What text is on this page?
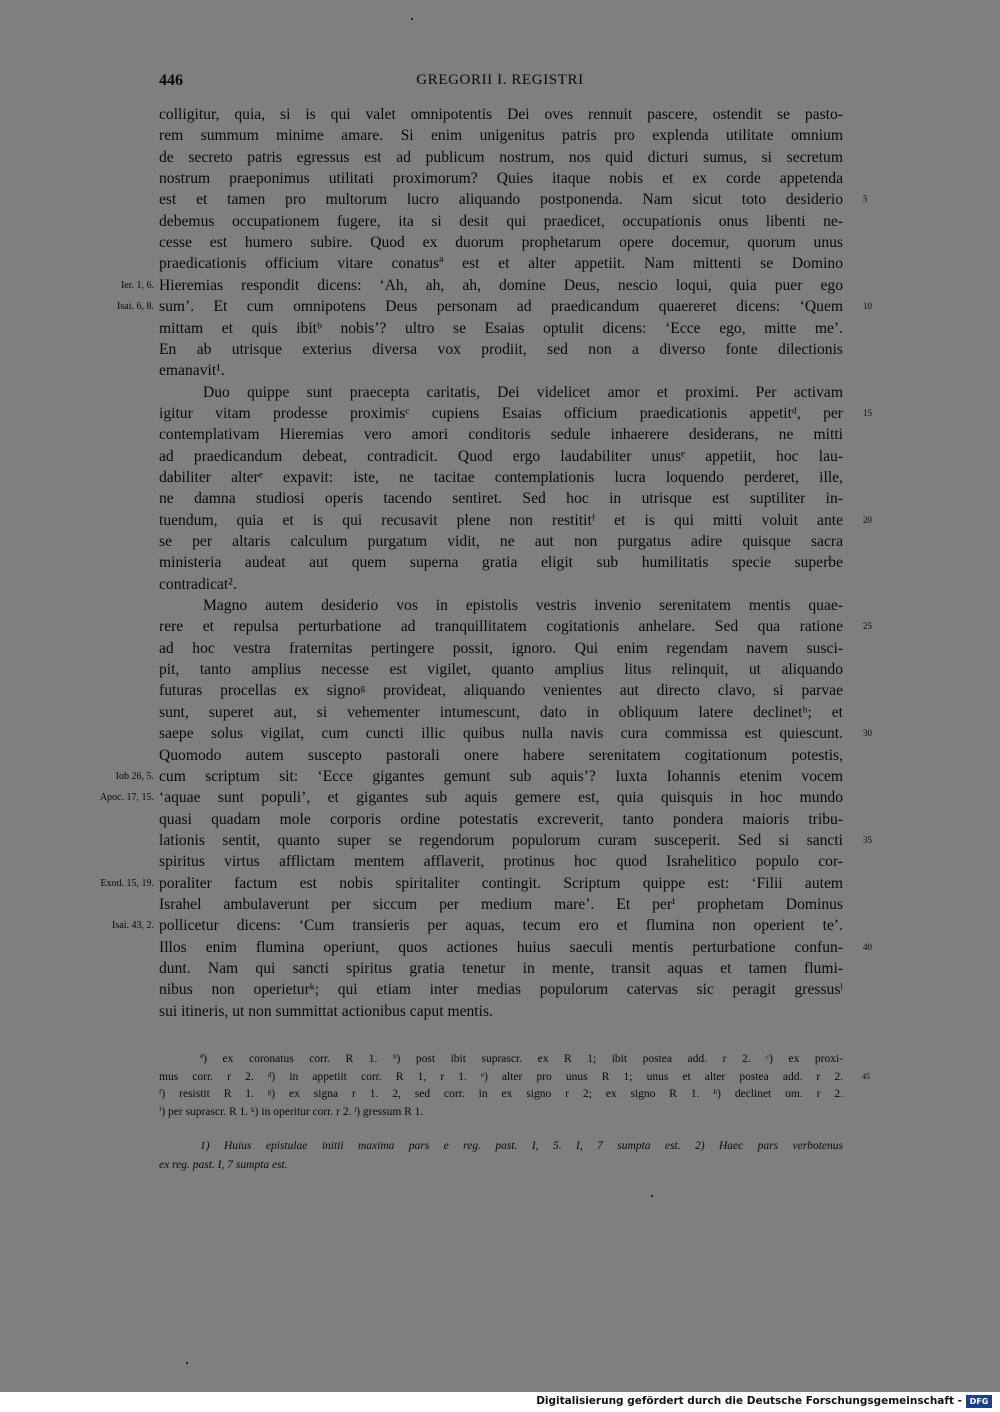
446	GREGORII I. REGISTRI
colligitur, quia, si is qui valet omnipotentis Dei oves rennuit pascere, ostendit se pasto-
rem summum minime amare. Si enim unigenitus patris pro explenda utilitate omnium
de secreto patris egressus est ad publicum nostrum, nos quid dicturi sumus, si secretum
nostrum praeponimus utilitati proximorum? Quies itaque nobis et ex corde appetenda
est et tamen pro multorum lucro aliquando postponenda. Nam sicut toto desiderio
debemus occupationem fugere, ita si desit qui praedicet, occupationis onus libenti ne-
cesse est humero subire. Quod ex duorum prophetarum opere docemur, quorum unus
praedicationis officium vitare conatusª est et alter appetiit. Nam mittenti se Domino
Hieremias respondit dicens: ‘Ah, ah, ah, domine Deus, nescio loqui, quia puer ego
sum’. Et cum omnipotens Deus personam ad praedicandum quaereret dicens: ‘Quem
mittam et quis ibitᵇ nobis’? ultro se Esaias optulit dicens: ‘Ecce ego, mitte me’.
En ab utrisque exterius diversa vox prodiit, sed non a diverso fonte dilectionis
emanavit¹.
Duo quippe sunt praecepta caritatis, Dei videlicet amor et proximi. Per activam
igitur vitam prodesse proximisᶜ cupiens Esaias officium praedicationis appetitᵈ, per
contemplativam Hieremias vero amori conditoris sedule inhaerere desiderans, ne mitti
ad praedicandum debeat, contradicit. Quod ergo laudabiliter unusᵉ appetiit, hoc lau-
dabiliter alterᵉ expavit: iste, ne tacitae contemplationis lucra loquendo perderet, ille,
ne damna studiosi operis tacendo sentiret. Sed hoc in utrisque est suptiliter in-
tuendum, quia et is qui recusavit plene non restititᶠ et is qui mitti voluit ante
se per altaris calculum purgatum vidit, ne aut non purgatus adire quisque sacra
ministeria audeat aut quem superna gratia eligit sub humilitatis specie superbe
contradicat².
Magno autem desiderio vos in epistolis vestris invenio serenitatem mentis quae-
rere et repulsa perturbatione ad tranquillitatem cogitationis anhelare. Sed qua ratione
ad hoc vestra fraternitas pertingere possit, ignoro. Qui enim regendam navem susci-
pit, tanto amplius necesse est vigilet, quanto amplius litus relinquit, ut aliquando
futuras procellas ex signoᵍ provideat, aliquando venientes aut directo clavo, si parvae
sunt, superet aut, si vehementer intumescunt, dato in obliquum latere declinetʰ; et
saepe solus vigilat, cum cuncti illic quibus nulla navis cura commissa est quiescunt.
Quomodo autem suscepto pastorali onere habere serenitatem cogitationum potestis,
cum scriptum sit: ‘Ecce gigantes gemunt sub aquis’? Iuxta Iohannis etenim vocem
‘aquae sunt populi’, et gigantes sub aquis gemere est, quia quisquis in hoc mundo
quasi quadam mole corporis ordine potestatis excreverit, tanto pondera maioris tribu-
lationis sentit, quanto super se regendorum populorum curam susceperit. Sed si sancti
spiritus virtus afflictam mentem afflaverit, protinus hoc quod Israhelitico populo cor-
poraliter factum est nobis spiritaliter contingit. Scriptum quippe est: ‘Filii autem
Israhel ambulaverunt per siccum per medium mare’. Et perⁱ prophetam Dominus
pollicetur dicens: ‘Cum transieris per aquas, tecum ero et flumina non operient te’.
Illos enim flumina operiunt, quos actiones huius saeculi mentis perturbatione confun-
dunt. Nam qui sancti spiritus gratia tenetur in mente, transit aquas et tamen flumi-
nibus non operieturᵏ; qui etiam inter medias populorum catervas sic peragit gressusˡ
sui itineris, ut non summittat actionibus caput mentis.
Ier. 1, 6.
Isai. 6, 8.
Iob 26, 5.
Apoc. 17, 15.
Exod. 15, 19.
Isai. 43, 2.
5
10
15
20
25
30
35
40
ª) ex coronatus corr. R 1. ᵇ) post ibit suprascr. ex R 1; ibit postea add. r 2. ᶜ) ex proxi-
mus corr. r 2. ᵈ) in appetiit corr. R 1, r 1. ᵉ) alter pro unus R 1; unus et alter postea add. r 2.
ᶠ) resistit R 1. ᵍ) ex signa r 1. 2, sed corr. in ex signo r 2; ex signo R 1. ʰ) declinet om. r 2.
ⁱ) per suprascr. R 1. ᵏ) in operitur corr. r 2. ˡ) gressum R 1.
45
1) Huius epistulae initii maxima pars e reg. past. I, 5. I, 7 sumpta est. 2) Haec pars verbotenus
ex reg. past. I, 7 sumpta est.
Digitalisierung gefördert durch die Deutsche Forschungsgemeinschaft - DFG
